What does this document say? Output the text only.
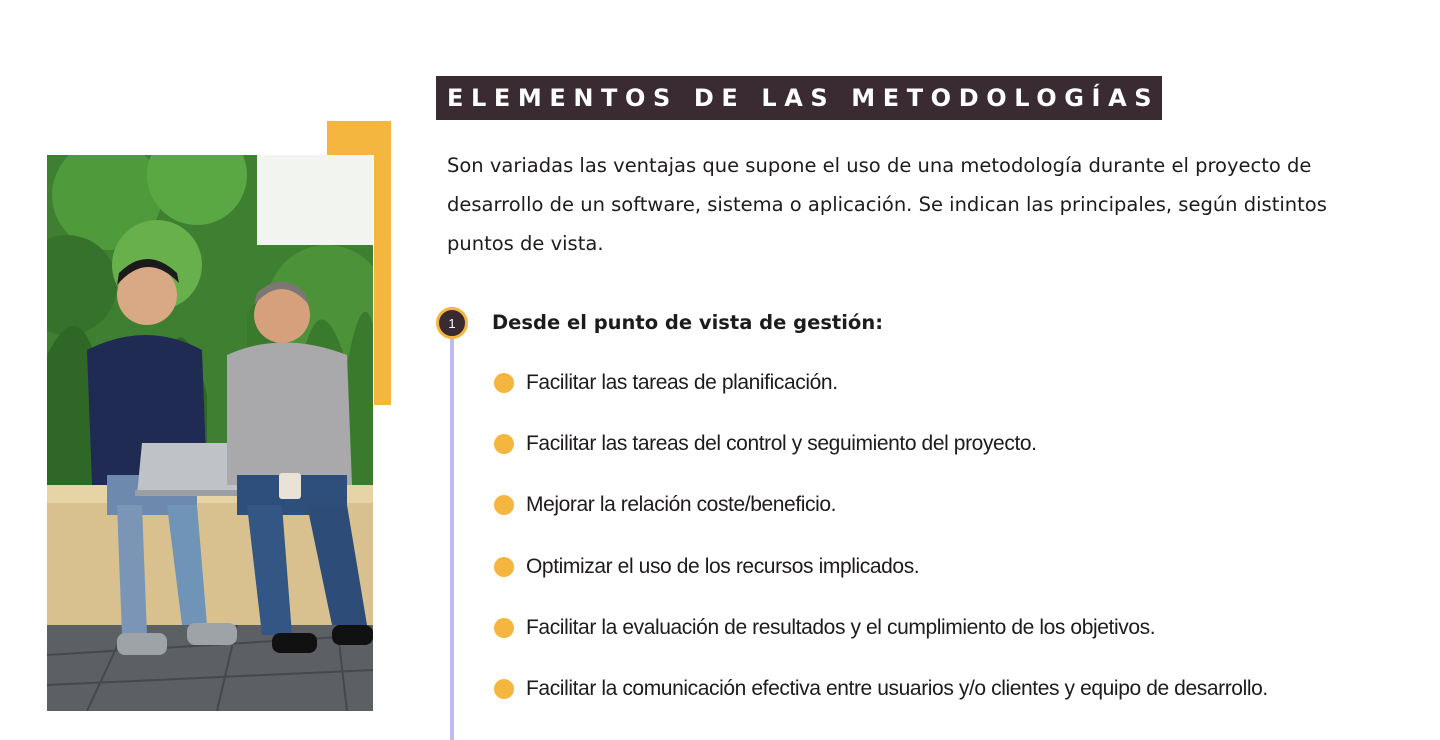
ELEMENTOS DE LAS METODOLOGÍAS

Son variadas las ventajas que supone el uso de una metodología durante el proyecto de desarrollo de un software, sistema o aplicación. Se indican las principales, según distintos puntos de vista.

1	Desde el punto de vista de gestión:
Facilitar las tareas de planificación.
Facilitar las tareas del control y seguimiento del proyecto.
Mejorar la relación coste/beneficio.
Optimizar el uso de los recursos implicados.
Facilitar la evaluación de resultados y el cumplimiento de los objetivos.
Facilitar la comunicación efectiva entre usuarios y/o clientes y equipo de desarrollo.
